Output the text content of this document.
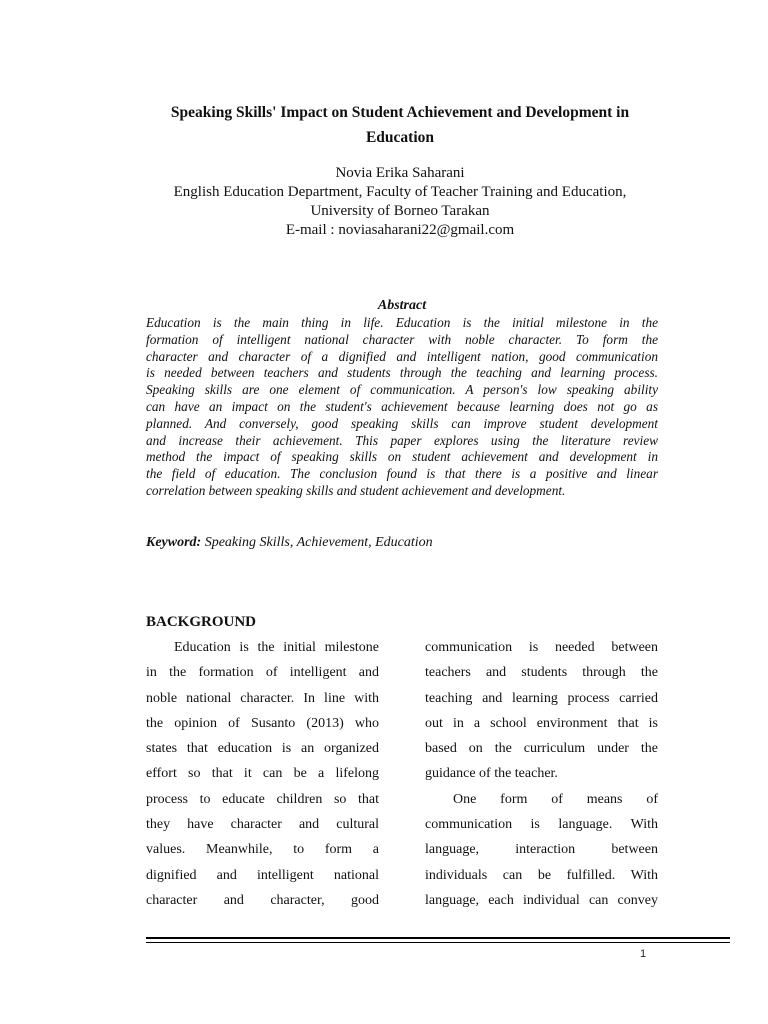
Speaking Skills' Impact on Student Achievement and Development in Education
Novia Erika Saharani
English Education Department, Faculty of Teacher Training and Education,
University of Borneo Tarakan
E-mail : noviasaharani22@gmail.com
Abstract
Education is the main thing in life. Education is the initial milestone in the
formation of intelligent national character with noble character. To form the
character and character of a dignified and intelligent nation, good communication
is needed between teachers and students through the teaching and learning process.
Speaking skills are one element of communication. A person's low speaking ability
can have an impact on the student's achievement because learning does not go as
planned. And conversely, good speaking skills can improve student development
and increase their achievement. This paper explores using the literature review
method the impact of speaking skills on student achievement and development in
the field of education. The conclusion found is that there is a positive and linear
correlation between speaking skills and student achievement and development.
Keyword: Speaking Skills, Achievement, Education
BACKGROUND
Education is the initial milestone
in the formation of intelligent and
noble national character. In line with
the opinion of Susanto (2013) who
states that education is an organized
effort so that it can be a lifelong
process to educate children so that
they have character and cultural
values. Meanwhile, to form a
dignified and intelligent national
character and character, good
communication is needed between
teachers and students through the
teaching and learning process carried
out in a school environment that is
based on the curriculum under the
guidance of the teacher.
One form of means of
communication is language. With
language, interaction between
individuals can be fulfilled. With
language, each individual can convey
1
